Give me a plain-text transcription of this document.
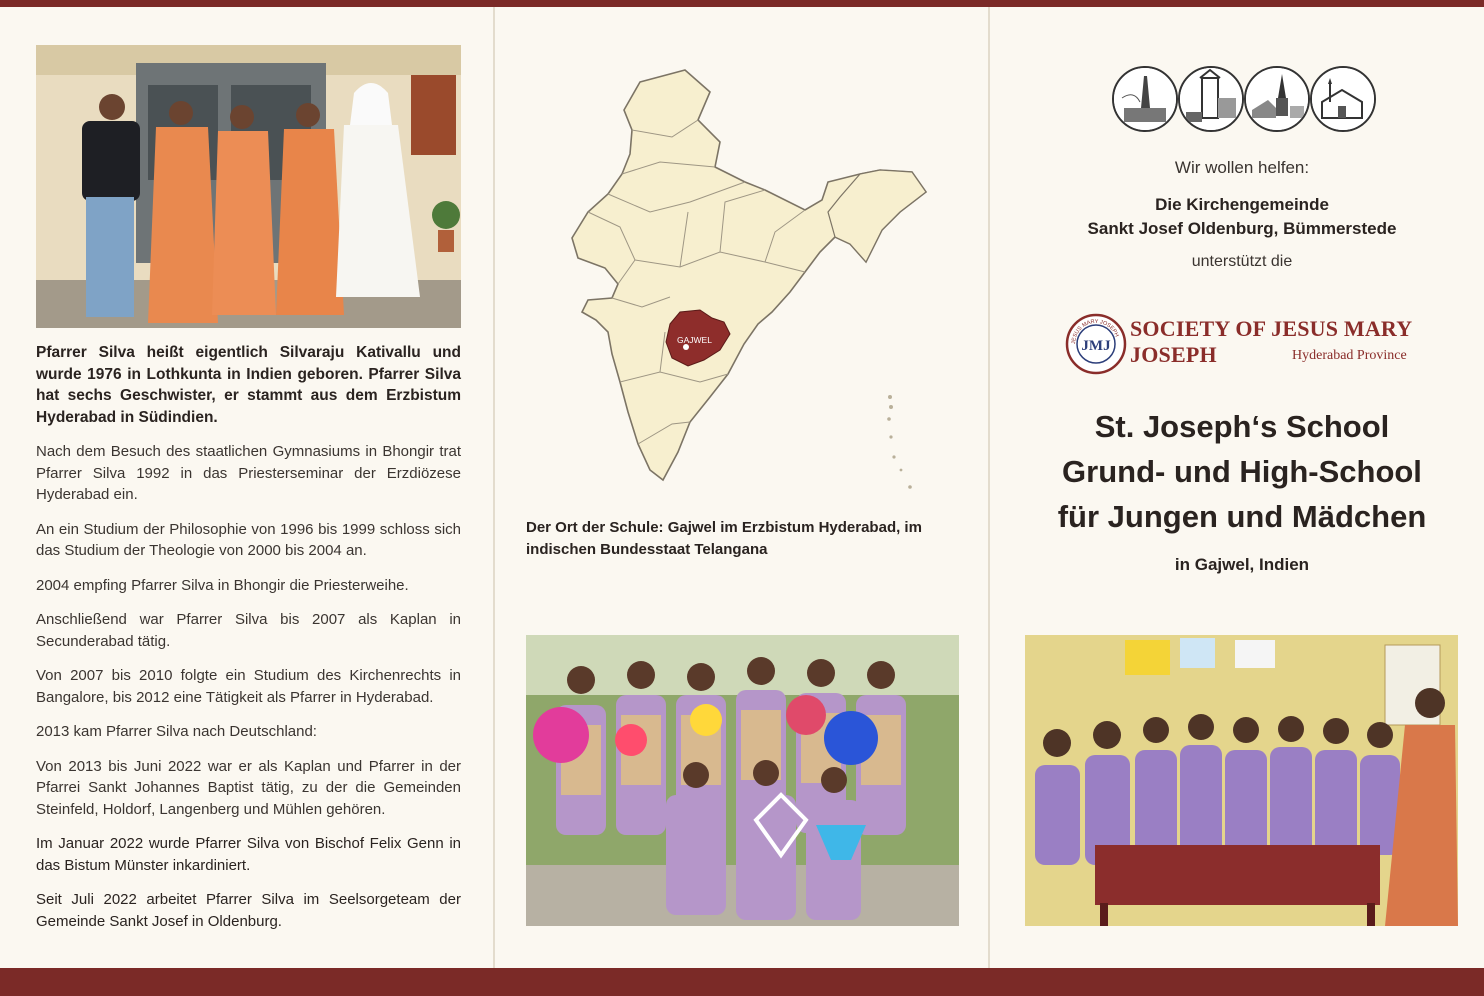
Pfarrer Silva heißt eigentlich Silvaraju Kativallu und wurde 1976 in Lothkunta in Indien geboren. Pfarrer Silva hat sechs Geschwister, er stammt aus dem Erzbistum Hyderabad in Südindien.

Nach dem Besuch des staatlichen Gymnasiums in Bhongir trat Pfarrer Silva 1992 in das Priesterseminar der Erzdiözese Hyderabad ein.

An ein Studium der Philosophie von 1996 bis 1999 schloss sich das Studium der Theologie von 2000 bis 2004 an.

2004 empfing Pfarrer Silva in Bhongir die Priesterweihe.

Anschließend war Pfarrer Silva bis 2007 als Kaplan in Secunderabad tätig.

Von 2007 bis 2010 folgte ein Studium des Kirchenrechts in Bangalore, bis 2012 eine Tätigkeit als Pfarrer in Hyderabad.

2013 kam Pfarrer Silva nach Deutschland:

Von 2013 bis Juni 2022 war er als Kaplan und Pfarrer in der Pfarrei Sankt Johannes Baptist tätig, zu der die Gemeinden Steinfeld, Holdorf, Langenberg und Mühlen gehören.

Im Januar 2022 wurde Pfarrer Silva von Bischof Felix Genn in das Bistum Münster inkardiniert.

Seit Juli 2022 arbeitet Pfarrer Silva im Seelsorgeteam der Gemeinde Sankt Josef in Oldenburg.

GAJWEL
Der Ort der Schule: Gajwel im Erzbistum Hyderabad, im indischen Bundesstaat Telangana
Wir wollen helfen:
Die Kirchengemeinde
Sankt Josef Oldenburg, Bümmerstede
unterstützt die
JMJ
JESUS MARY JOSEPH SOCIETY OF JESUS MARY JOSEPH	Hyderabad Province
St. Joseph‘s School
Grund- und High-School
für Jungen und Mädchen
in Gajwel, Indien
